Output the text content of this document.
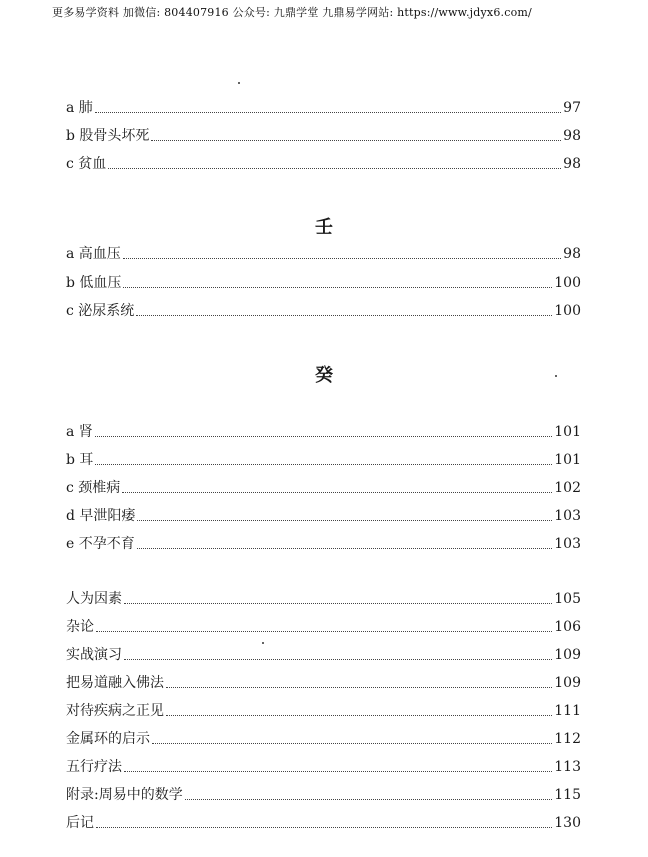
更多易学资料 加微信: 804407916 公众号: 九鼎学堂 九鼎易学网站: https://www.jdyx6.com/
a 肺	97
b 股骨头坏死	98
c 贫血	98
壬
a 高血压	98
b 低血压	100
c 泌尿系统	100
癸
a 肾	101
b 耳	101
c 颈椎病	102
d 早泄阳痿	103
e 不孕不育	103
人为因素	105
杂论	106
实战演习	109
把易道融入佛法	109
对待疾病之正见	111
金属环的启示	112
五行疗法	113
附录:周易中的数学	115
后记	130
